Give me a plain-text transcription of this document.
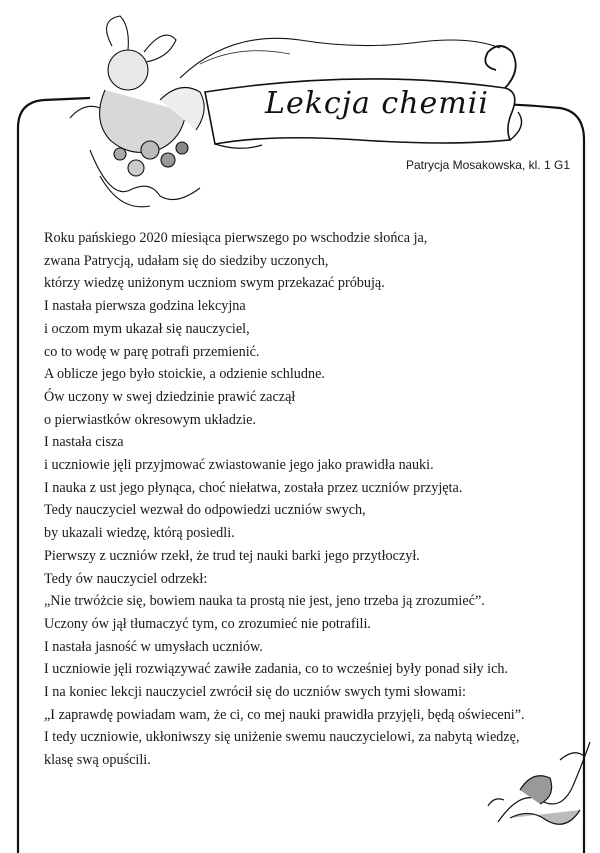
Lekcja chemii
Patrycja Mosakowska, kl. 1 G1
Roku pańskiego 2020 miesiąca pierwszego po wschodzie słońca ja,
zwana Patrycją, udałam się do siedziby uczonych,
którzy wiedzę uniżonym uczniom swym przekazać próbują.
I nastała pierwsza godzina lekcyjna
i oczom mym ukazał się nauczyciel,
co to wodę w parę potrafi przemienić.
A oblicze jego było stoickie, a odzienie schludne.
Ów uczony w swej dziedzinie prawić zaczął
o pierwiastków okresowym układzie.
I nastała cisza
i uczniowie jęli przyjmować zwiastowanie jego jako prawidła nauki.
I nauka z ust jego płynąca, choć niełatwa, została przez uczniów przyjęta.
Tedy nauczyciel wezwał do odpowiedzi uczniów swych,
by ukazali wiedzę, którą posiedli.
Pierwszy z uczniów rzekł, że trud tej nauki barki jego przytłoczył.
Tedy ów nauczyciel odrzekł:
„Nie trwóżcie się, bowiem nauka ta prostą nie jest, jeno trzeba ją zrozumieć”.
Uczony ów jął tłumaczyć tym, co zrozumieć nie potrafili.
I nastała jasność w umysłach uczniów.
I uczniowie jęli rozwiązywać zawiłe zadania, co to wcześniej były ponad siły ich.
I na koniec lekcji nauczyciel zwrócił się do uczniów swych tymi słowami:
„I zaprawdę powiadam wam, że ci, co mej nauki prawidła przyjęli, będą oświeceni”.
I tedy uczniowie, ukłoniwszy się uniżenie swemu nauczycielowi, za nabytą wiedzę,
klasę swą opuścili.
